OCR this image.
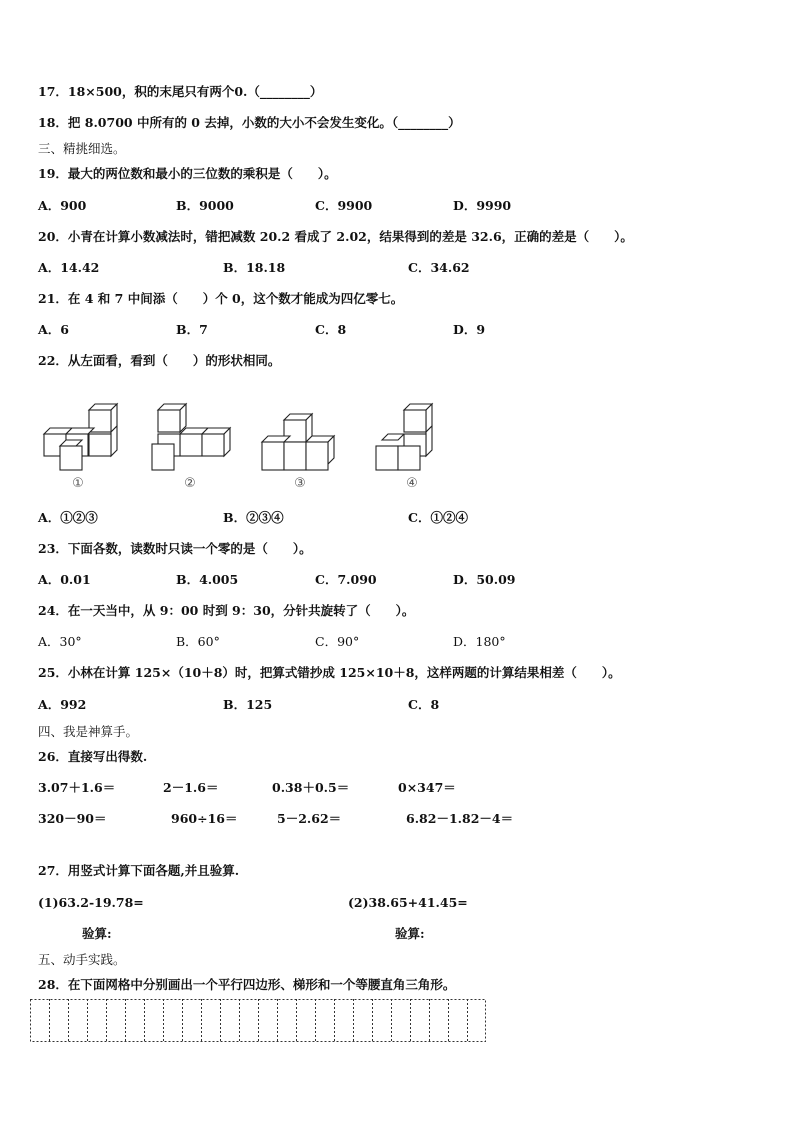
17．18×500，积的末尾只有两个0.（________）
18．把 8.0700 中所有的 0 去掉，小数的大小不会发生变化。（________）
三、精挑细选。
19．最大的两位数和最小的三位数的乘积是（　　）。
A．900	B．9000	C．9900	D．9990
20．小青在计算小数减法时，错把减数 20.2 看成了 2.02，结果得到的差是 32.6，正确的差是（　　）。
A．14.42	B．18.18	C．34.62
21．在 4 和 7 中间添（　　）个 0，这个数才能成为四亿零七。
A．6	B．7	C．8	D．9
22．从左面看，看到（　　）的形状相同。
①	②	③	④
A．①②③	B．②③④	C．①②④
23．下面各数，读数时只读一个零的是（　　）。
A．0.01	B．4.005	C．7.090	D．50.09
24．在一天当中，从 9：00 时到 9：30，分针共旋转了（　　）。
A．30°	B．60°	C．90°	D．180°
25．小林在计算 125×（10＋8）时，把算式错抄成 125×10＋8，这样两题的计算结果相差（　　）。
A．992	B．125	C．8
四、我是神算手。
26．直接写出得数.
3.07＋1.6＝	2－1.6＝	0.38＋0.5＝	0×347＝
320－90＝	960÷16＝	5－2.62＝	6.82－1.82－4＝
27．用竖式计算下面各题,并且验算.
(1)63.2-19.78=	(2)38.65+41.45=
验算:	验算:
五、动手实践。
28．在下面网格中分别画出一个平行四边形、梯形和一个等腰直角三角形。
